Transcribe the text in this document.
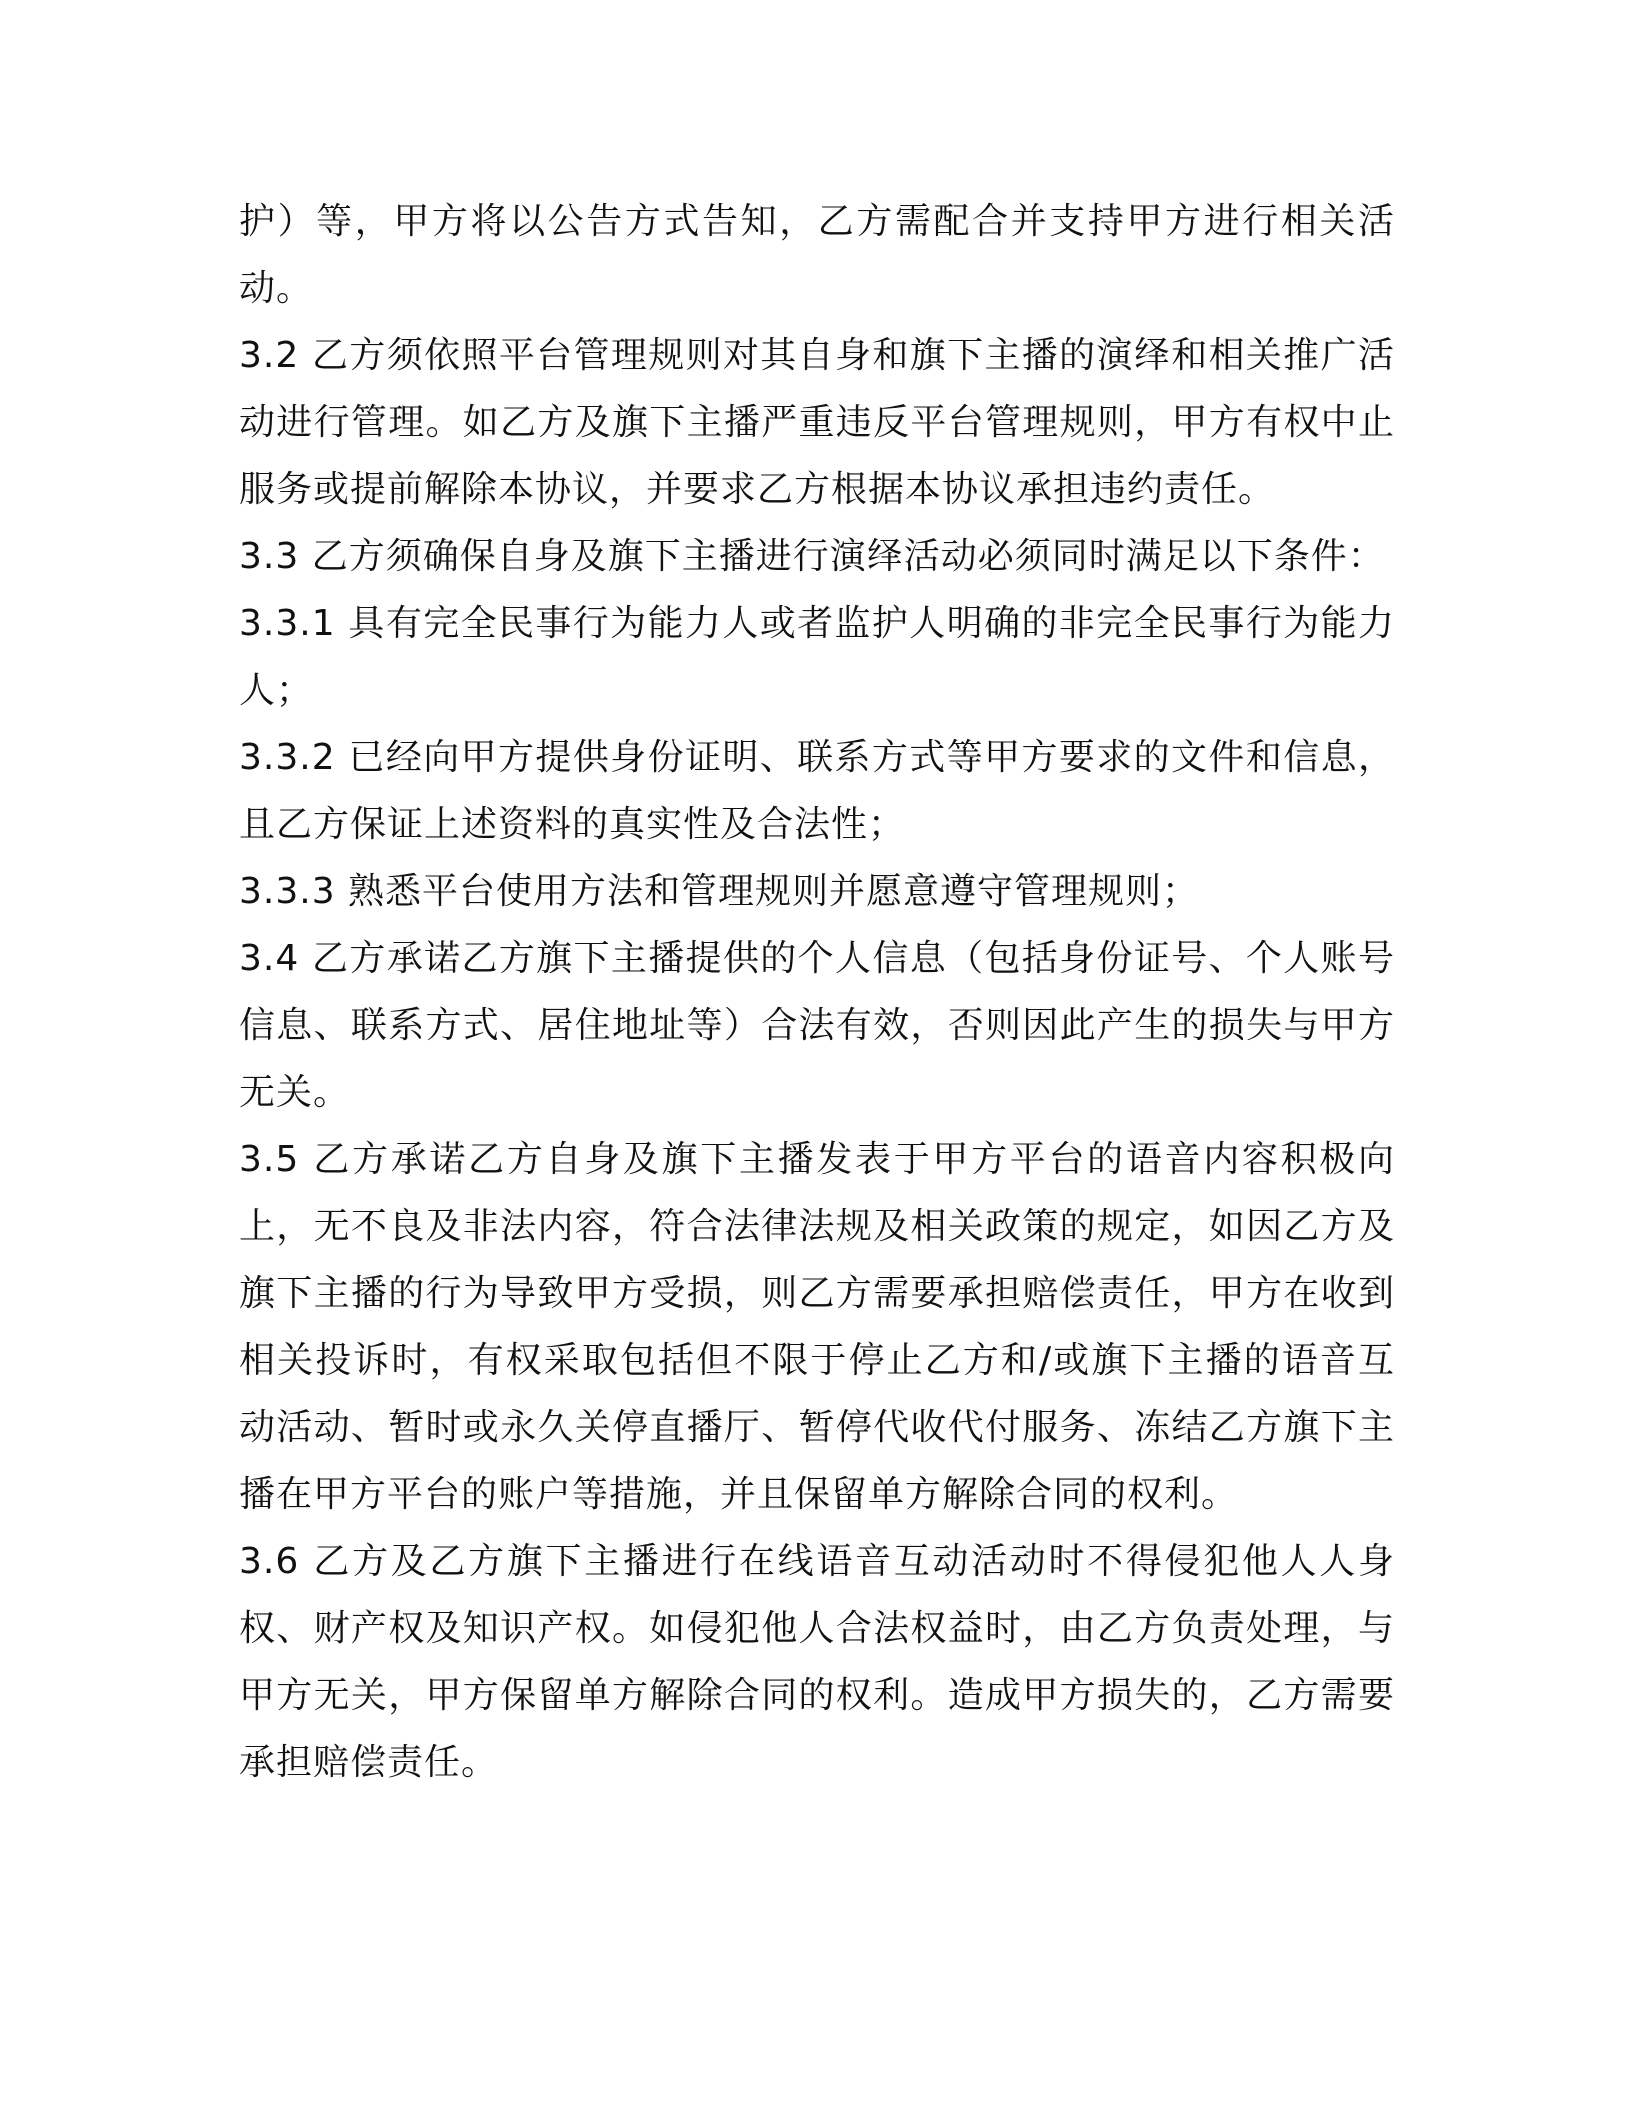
护）等，甲方将以公告方式告知，乙方需配合并支持甲方进行相关活动。

3.2 乙方须依照平台管理规则对其自身和旗下主播的演绎和相关推广活动进行管理。如乙方及旗下主播严重违反平台管理规则，甲方有权中止服务或提前解除本协议，并要求乙方根据本协议承担违约责任。

3.3 乙方须确保自身及旗下主播进行演绎活动必须同时满足以下条件：

3.3.1 具有完全民事行为能力人或者监护人明确的非完全民事行为能力人；

3.3.2 已经向甲方提供身份证明、联系方式等甲方要求的文件和信息，且乙方保证上述资料的真实性及合法性；

3.3.3 熟悉平台使用方法和管理规则并愿意遵守管理规则；

3.4 乙方承诺乙方旗下主播提供的个人信息（包括身份证号、个人账号信息、联系方式、居住地址等）合法有效，否则因此产生的损失与甲方无关。

3.5 乙方承诺乙方自身及旗下主播发表于甲方平台的语音内容积极向上，无不良及非法内容，符合法律法规及相关政策的规定，如因乙方及旗下主播的行为导致甲方受损，则乙方需要承担赔偿责任，甲方在收到相关投诉时，有权采取包括但不限于停止乙方和/或旗下主播的语音互动活动、暂时或永久关停直播厅、暂停代收代付服务、冻结乙方旗下主播在甲方平台的账户等措施，并且保留单方解除合同的权利。

3.6 乙方及乙方旗下主播进行在线语音互动活动时不得侵犯他人人身权、财产权及知识产权。如侵犯他人合法权益时，由乙方负责处理，与甲方无关，甲方保留单方解除合同的权利。造成甲方损失的，乙方需要承担赔偿责任。
